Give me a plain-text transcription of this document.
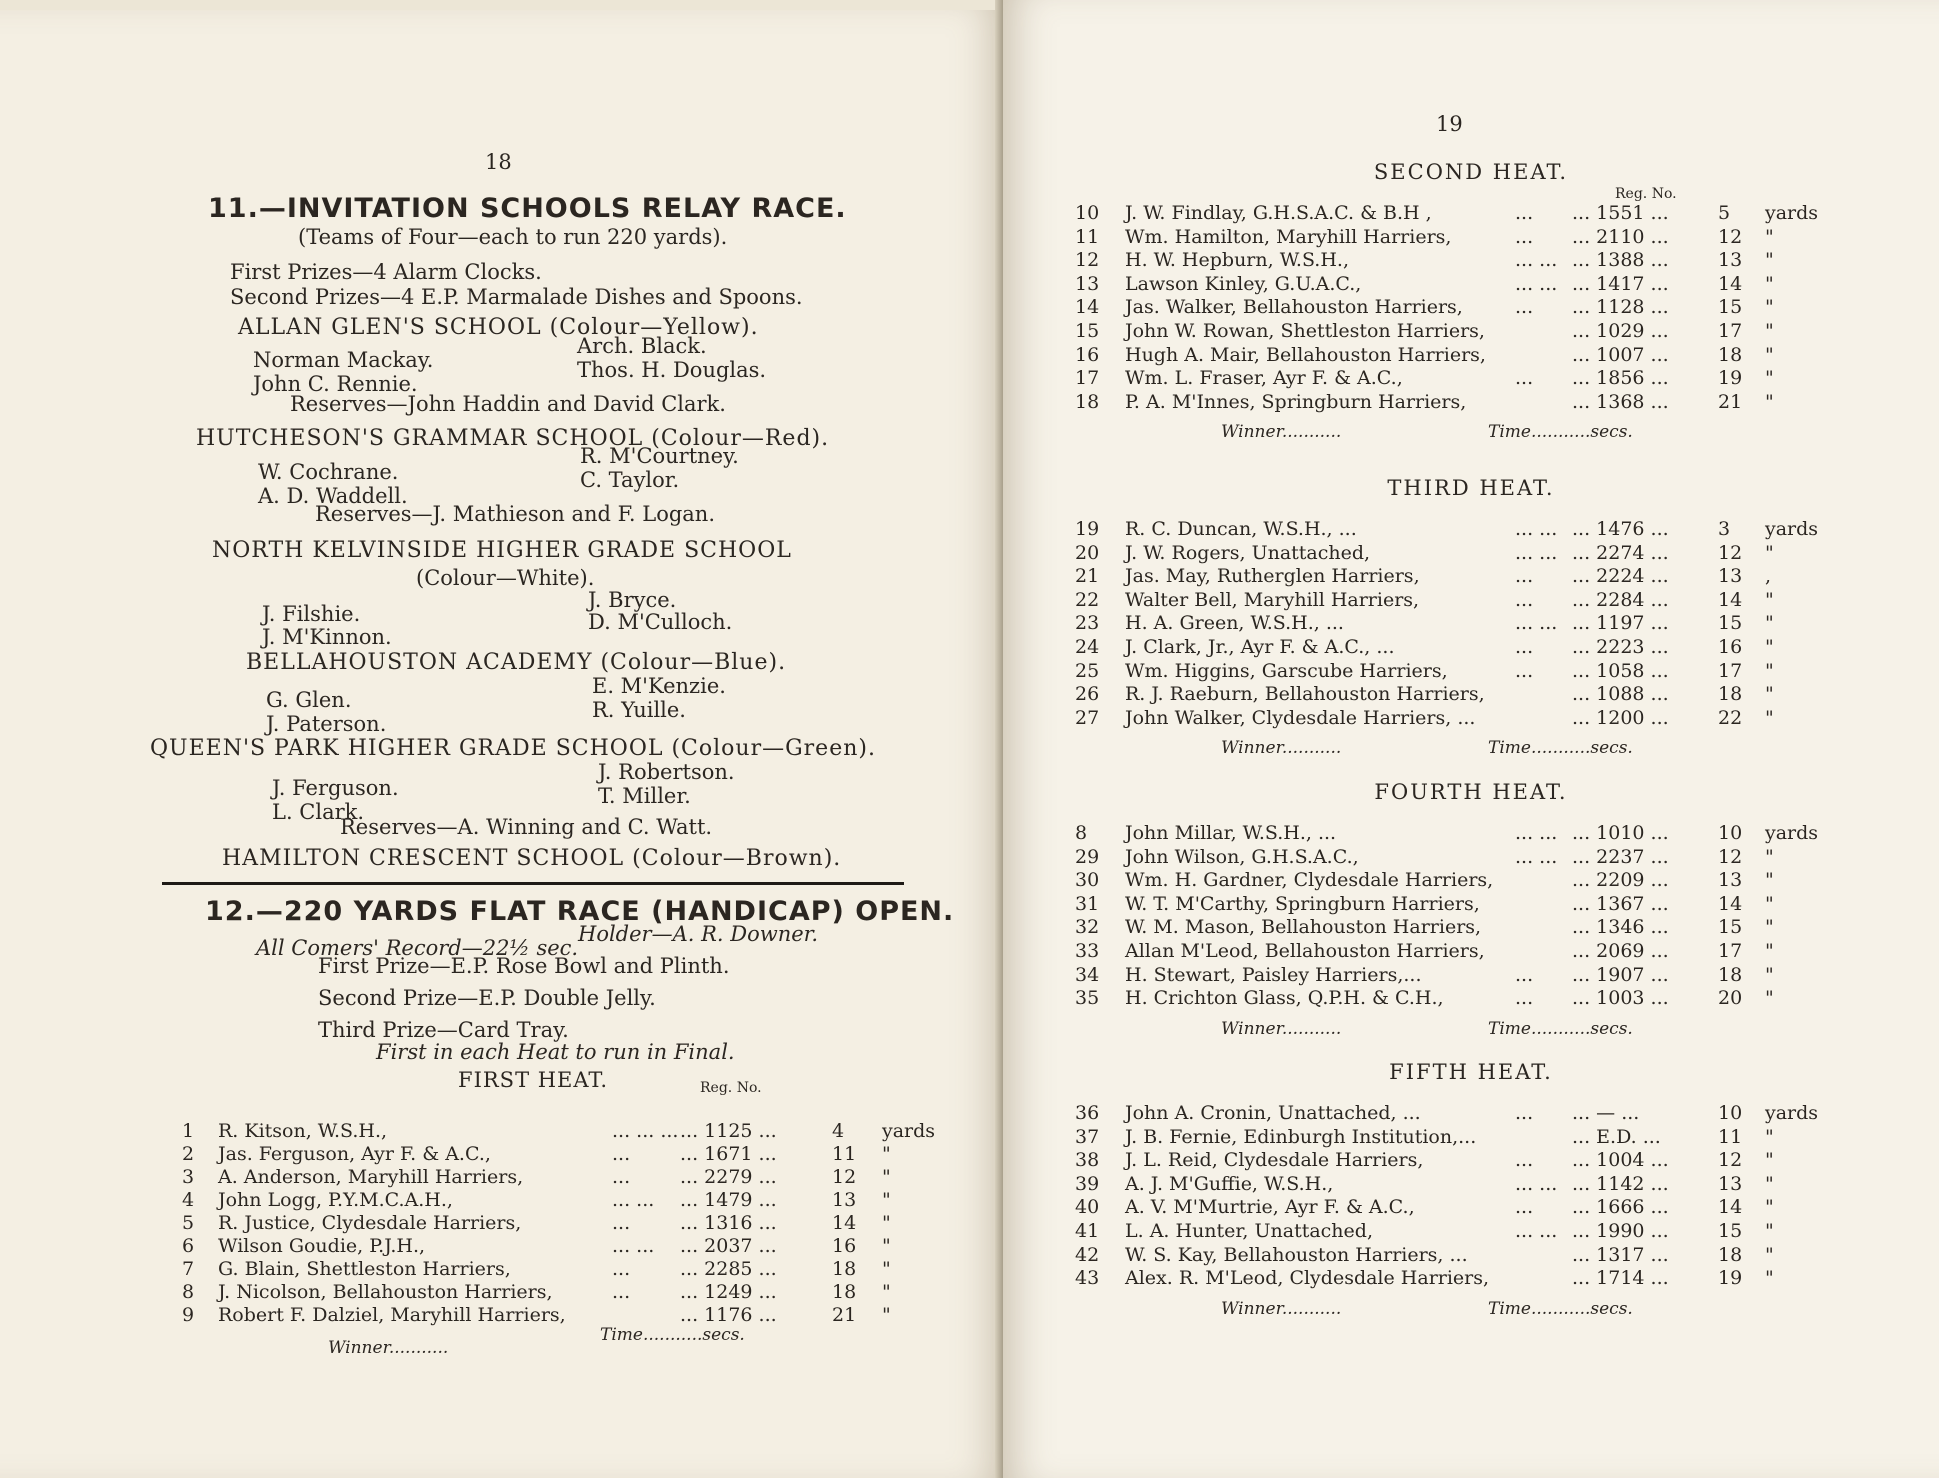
18
11.—INVITATION SCHOOLS RELAY RACE.
(Teams of Four—each to run 220 yards).
First Prizes—4 Alarm Clocks.
Second Prizes—4 E.P. Marmalade Dishes and Spoons.
ALLAN GLEN'S SCHOOL (Colour—Yellow).
Norman Mackay.
John C. Rennie.
Arch. Black.
Thos. H. Douglas.
Reserves—John Haddin and David Clark.
HUTCHESON'S GRAMMAR SCHOOL (Colour—Red).
W. Cochrane.
A. D. Waddell.
R. M'Courtney.
C. Taylor.
Reserves—J. Mathieson and F. Logan.
NORTH KELVINSIDE HIGHER GRADE SCHOOL
(Colour—White).
J. Filshie.
J. M'Kinnon.
J. Bryce.
D. M'Culloch.
BELLAHOUSTON ACADEMY (Colour—Blue).
G. Glen.
J. Paterson.
E. M'Kenzie.
R. Yuille.
QUEEN'S PARK HIGHER GRADE SCHOOL (Colour—Green).
J. Ferguson.
L. Clark.
J. Robertson.
T. Miller.
Reserves—A. Winning and C. Watt.
HAMILTON CRESCENT SCHOOL (Colour—Brown).
12.—220 YARDS FLAT RACE (HANDICAP) OPEN.
All Comers' Record—22½ sec.
Holder—A. R. Downer.
First Prize—E.P. Rose Bowl and Plinth.
Second Prize—E.P. Double Jelly.
Third Prize—Card Tray.
First in each Heat to run in Final.
FIRST HEAT.	Reg. No.
1 R. Kitson, W.S.H.,	... ... ... ... 1125 ...	4 yards
2 Jas. Ferguson, Ayr F. & A.C.,	...	... 1671 ...	11 "
3 A. Anderson, Maryhill Harriers,	...	... 2279 ...	12 "
4 John Logg, P.Y.M.C.A.H.,	... ... ... 1479 ...	13 "
5 R. Justice, Clydesdale Harriers,	...	... 1316 ...	14 "
6 Wilson Goudie, P.J.H.,	... ... ... 2037 ...	16 "
7 G. Blain, Shettleston Harriers,	...	... 2285 ...	18 "
8 J. Nicolson, Bellahouston Harriers,	...	... 1249 ...	18 "
9 Robert F. Dalziel, Maryhill Harriers,	... 1176 ...	21 "
Winner...........
Time...........secs.
19
Reg. No.
SECOND HEAT.
10 J. W. Findlay, G.H.S.A.C. & B.H ,	... ... 1551 ...	5 yards
11 Wm. Hamilton, Maryhill Harriers,	... ... 2110 ...	12 "
12 H. W. Hepburn, W.S.H.,	... ... ... 1388 ...	13 "
13 Lawson Kinley, G.U.A.C.,	... ... ... 1417 ...	14 "
14 Jas. Walker, Bellahouston Harriers,	... ... 1128 ...	15 "
15 John W. Rowan, Shettleston Harriers,	... 1029 ...	17 "
16 Hugh A. Mair, Bellahouston Harriers,	... 1007 ...	18 "
17 Wm. L. Fraser, Ayr F. & A.C.,	... ... 1856 ...	19 "
18 P. A. M'Innes, Springburn Harriers,	... 1368 ...	21 "
Winner...........	Time...........secs.
THIRD HEAT.
19 R. C. Duncan, W.S.H., ...	... ... ... 1476 ...	3 yards
20 J. W. Rogers, Unattached,	... ... ... 2274 ...	12 "
21 Jas. May, Rutherglen Harriers,	... ... 2224 ...	13 ,
22 Walter Bell, Maryhill Harriers,	... ... 2284 ...	14 "
23 H. A. Green, W.S.H., ...	... ... ... 1197 ...	15 "
24 J. Clark, Jr., Ayr F. & A.C., ...	... ... 2223 ...	16 "
25 Wm. Higgins, Garscube Harriers,	... ... 1058 ...	17 "
26 R. J. Raeburn, Bellahouston Harriers,	... 1088 ...	18 "
27 John Walker, Clydesdale Harriers, ...	... 1200 ...	22 "
Winner...........	Time...........secs.
FOURTH HEAT.
8 John Millar, W.S.H., ...	... ... ... 1010 ...	10 yards
29 John Wilson, G.H.S.A.C.,	... ... ... 2237 ...	12 "
30 Wm. H. Gardner, Clydesdale Harriers,	... 2209 ...	13 "
31 W. T. M'Carthy, Springburn Harriers,	... 1367 ...	14 "
32 W. M. Mason, Bellahouston Harriers,	... 1346 ...	15 "
33 Allan M'Leod, Bellahouston Harriers,	... 2069 ...	17 "
34 H. Stewart, Paisley Harriers,...	... ... 1907 ...	18 "
35 H. Crichton Glass, Q.P.H. & C.H.,	... ... 1003 ...	20 "
Winner...........	Time...........secs.
FIFTH HEAT.
36 John A. Cronin, Unattached, ...	... ... — ...	10 yards
37 J. B. Fernie, Edinburgh Institution,...	... E.D. ...	11 "
38 J. L. Reid, Clydesdale Harriers,	... ... 1004 ...	12 "
39 A. J. M'Guffie, W.S.H.,	... ... ... 1142 ...	13 "
40 A. V. M'Murtrie, Ayr F. & A.C.,	... ... 1666 ...	14 "
41 L. A. Hunter, Unattached,	... ... ... 1990 ...	15 "
42 W. S. Kay, Bellahouston Harriers, ...	... 1317 ...	18 "
43 Alex. R. M'Leod, Clydesdale Harriers,	... 1714 ...	19 "
Winner...........	Time...........secs.
